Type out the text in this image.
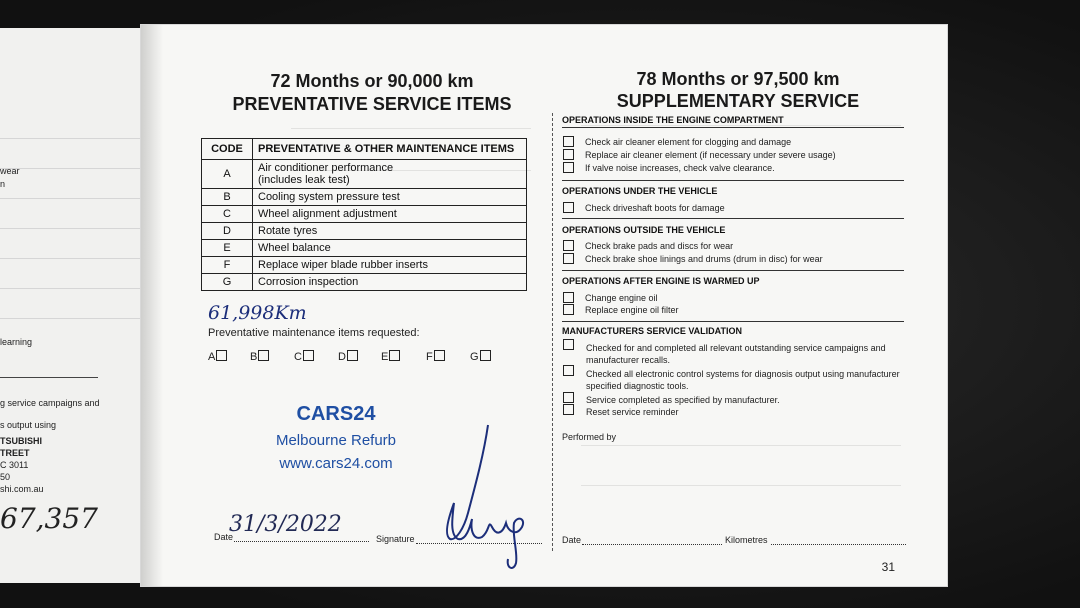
wear
n
learning
g service campaigns and
s output using
TSUBISHI
TREET
C 3011
50
shi.com.au
67,357
72 Months or 90,000 km
PREVENTATIVE SERVICE ITEMS
CODE	PREVENTATIVE & OTHER MAINTENANCE ITEMS
A	Air conditioner performance
(includes leak test)

B	Cooling system pressure test
C	Wheel alignment adjustment
D	Rotate tyres
E	Wheel balance
F	Replace wiper blade rubber inserts
G	Corrosion inspection
61,998Km
Preventative maintenance items requested:
A	B	C	D	E	F	G
CARS24
Melbourne Refurb
www.cars24.com
Date
31/3/2022
Signature
78 Months or 97,500 km
SUPPLEMENTARY SERVICE
OPERATIONS INSIDE THE ENGINE COMPARTMENT
Check air cleaner element for clogging and damage
Replace air cleaner element (if necessary under severe usage)
If valve noise increases, check valve clearance.
OPERATIONS UNDER THE VEHICLE
Check driveshaft boots for damage
OPERATIONS OUTSIDE THE VEHICLE
Check brake pads and discs for wear
Check brake shoe linings and drums (drum in disc) for wear
OPERATIONS AFTER ENGINE IS WARMED UP
Change engine oil
Replace engine oil filter
MANUFACTURERS SERVICE VALIDATION
Checked for and completed all relevant outstanding service campaigns and manufacturer recalls.
Checked all electronic control systems for diagnosis output using manufacturer specified diagnostic tools.
Service completed as specified by manufacturer.
Reset service reminder
Performed by
Date	Kilometres
31
